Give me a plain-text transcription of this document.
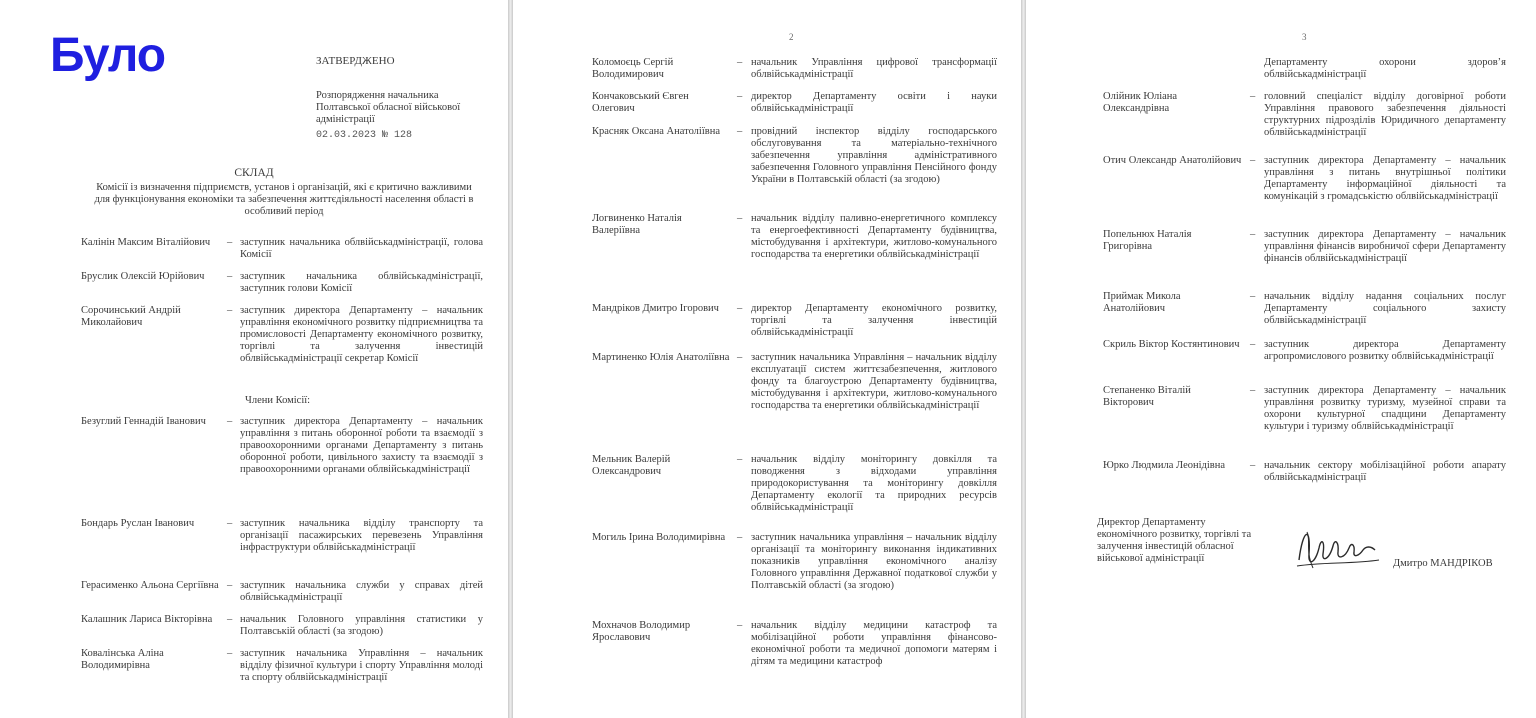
Було	ЗАТВЕРДЖЕНО
Розпорядження начальника Полтавської обласної військової адміністрації
02.03.2023 № 128
СКЛАД
Комісії із визначення підприємств, установ і організацій, які є критично важливими для функціонування економіки та забезпечення життєдіяльності населення області в особливий період
Члени Комісії:
2	3
Департаменту охорони здоров’я облвійськадміністрації
Калінін Максим Віталійович	– заступник начальника облвійськадміністрації, голова Комісії
Бруслик Олексій Юрійович	– заступник начальника облвійськадміністрації, заступник голови Комісії
Сорочинський Андрій Миколайович
– заступник директора Департаменту – начальник управління економічного розвитку підприємництва та промисловості Департаменту економічного розвитку, торгівлі та залучення інвестицій облвійськадміністрації секретар Комісії
Безуглий Геннадій Іванович	– заступник директора Департаменту – начальник управління з питань оборонної роботи та взаємодії з правоохоронними органами Департаменту з питань оборонної роботи, цивільного захисту та взаємодії з правоохоронними органами облвійськадміністрації
Бондарь Руслан Іванович	– заступник начальника відділу транспорту та організації пасажирських перевезень Управління інфраструктури облвійськадміністрації
Герасименко Альона Сергіївна – заступник начальника служби у справах дітей облвійськадміністрації
Калашник Лариса Вікторівна	– начальник Головного управління статистики у Полтавській області (за згодою)
Ковалінська Аліна Володимирівна
– заступник начальника Управління – начальник відділу фізичної культури і спорту Управління молоді та спорту облвійськадміністрації
Коломоєць Сергій Володимирович
– начальник Управління цифрової трансформації облвійськадміністрації
Кончаковський Євген Олегович
– директор Департаменту освіти і науки облвійськадміністрації
Красняк Оксана Анатоліївна	– провідний інспектор відділу господарського обслуговування та матеріально-технічного забезпечення управління адміністративного забезпечення Головного управління Пенсійного фонду України в Полтавській області (за згодою)
Логвиненко Наталія Валеріївна
– начальник відділу паливно-енергетичного комплексу та енергоефективності Департаменту будівництва, містобудування і архітектури, житлово-комунального господарства та енергетики облвійськадміністрації
Мандріков Дмитро Ігорович	– директор Департаменту економічного розвитку, торгівлі та залучення інвестицій облвійськадміністрації
Мартиненко Юлія Анатоліївна – заступник начальника Управління – начальник відділу експлуатації систем життєзабезпечення, житлового фонду та благоустрою Департаменту будівництва, містобудування і архітектури, житлово-комунального господарства та енергетики облвійськадміністрації
Мельник Валерій Олександрович
– начальник відділу моніторингу довкілля та поводження з відходами управління природокористування та моніторингу довкілля Департаменту екології та природних ресурсів облвійськадміністрації
Могиль Ірина Володимирівна	– заступник начальника управління – начальник відділу організації та моніторингу виконання індикативних показників управління економічного аналізу Головного управління Державної податкової служби у Полтавській області (за згодою)
Мохначов Володимир Ярославович
– начальник відділу медицини катастроф та мобілізаційної роботи управління фінансово-економічної роботи та медичної допомоги матерям і дітям та медицини катастроф
Олійник Юліана Олександрівна
– головний спеціаліст відділу договірної роботи Управління правового забезпечення діяльності структурних підрозділів Юридичного департаменту облвійськадміністрації
Отич Олександр Анатолійович – заступник директора Департаменту – начальник управління з питань внутрішньої політики Департаменту інформаційної діяльності та комунікацій з громадськістю облвійськадміністрації
Попельнюх Наталія Григорівна
– заступник директора Департаменту – начальник управління фінансів виробничої сфери Департаменту фінансів облвійськадміністрації
Приймак Микола Анатолійович
– начальник відділу надання соціальних послуг Департаменту соціального захисту облвійськадміністрації
Скриль Віктор Костянтинович – заступник директора Департаменту агропромислового розвитку облвійськадміністрації
Степаненко Віталій Вікторович
– заступник директора Департаменту – начальник управління розвитку туризму, музейної справи та охорони культурної спадщини Департаменту культури і туризму облвійськадміністрації
Юрко Людмила Леонідівна	– начальник сектору мобілізаційної роботи апарату облвійськадміністрації
Директор Департаменту економічного розвитку, торгівлі та залучення інвестицій обласної військової адміністрації	Дмитро МАНДРІКОВ
